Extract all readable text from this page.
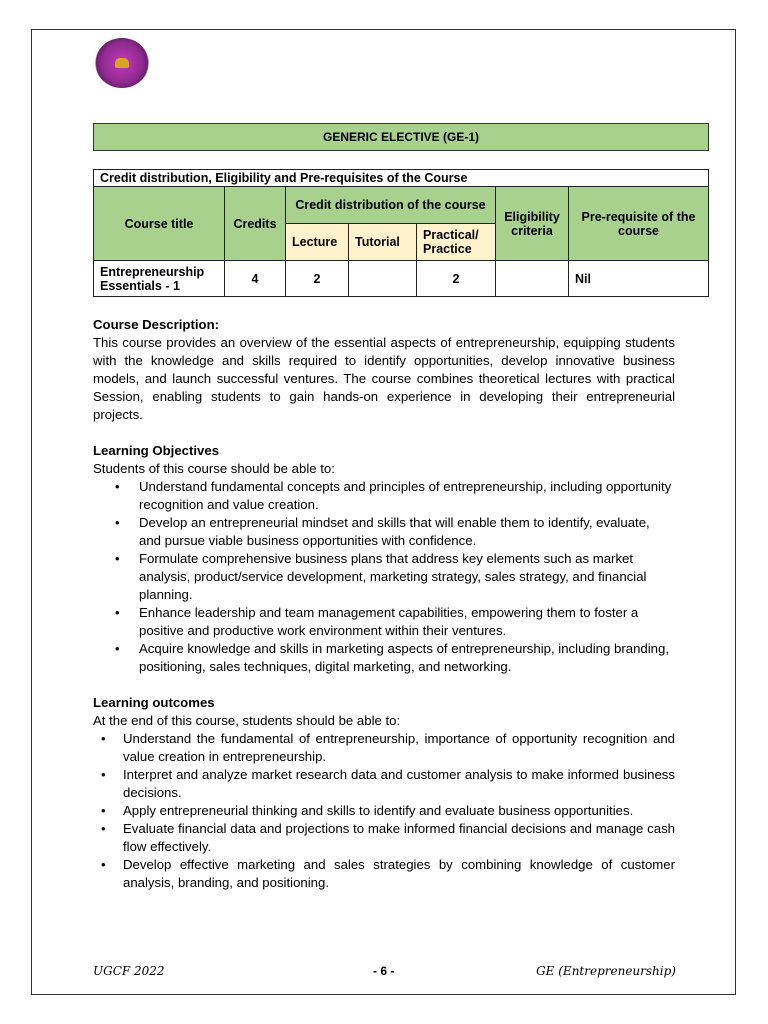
GENERIC ELECTIVE (GE-1)
Credit distribution, Eligibility and Pre-requisites of the Course						
Course title	Credits	Credit distribution of the course			Eligibility criteria	Pre-requisite of the course
		Lecture	Tutorial	Practical/ Practice		
Entrepreneurship Essentials - 1	4	2		2		Nil

Course Description:

This course provides an overview of the essential aspects of entrepreneurship, equipping students with the knowledge and skills required to identify opportunities, develop innovative business models, and launch successful ventures. The course combines theoretical lectures with practical Session, enabling students to gain hands-on experience in developing their entrepreneurial projects.

Learning Objectives

Students of this course should be able to:

• Understand fundamental concepts and principles of entrepreneurship, including opportunity recognition and value creation.
• Develop an entrepreneurial mindset and skills that will enable them to identify, evaluate, and pursue viable business opportunities with confidence.
• Formulate comprehensive business plans that address key elements such as market analysis, product/service development, marketing strategy, sales strategy, and financial planning.
• Enhance leadership and team management capabilities, empowering them to foster a positive and productive work environment within their ventures.
• Acquire knowledge and skills in marketing aspects of entrepreneurship, including branding, positioning, sales techniques, digital marketing, and networking.

Learning outcomes

At the end of this course, students should be able to:

• Understand the fundamental of entrepreneurship, importance of opportunity recognition and value creation in entrepreneurship.
• Interpret and analyze market research data and customer analysis to make informed business decisions.
• Apply entrepreneurial thinking and skills to identify and evaluate business opportunities.
• Evaluate financial data and projections to make informed financial decisions and manage cash flow effectively.
• Develop effective marketing and sales strategies by combining knowledge of customer analysis, branding, and positioning.
UGCF 2022	- 6 -	GE (Entrepreneurship)
